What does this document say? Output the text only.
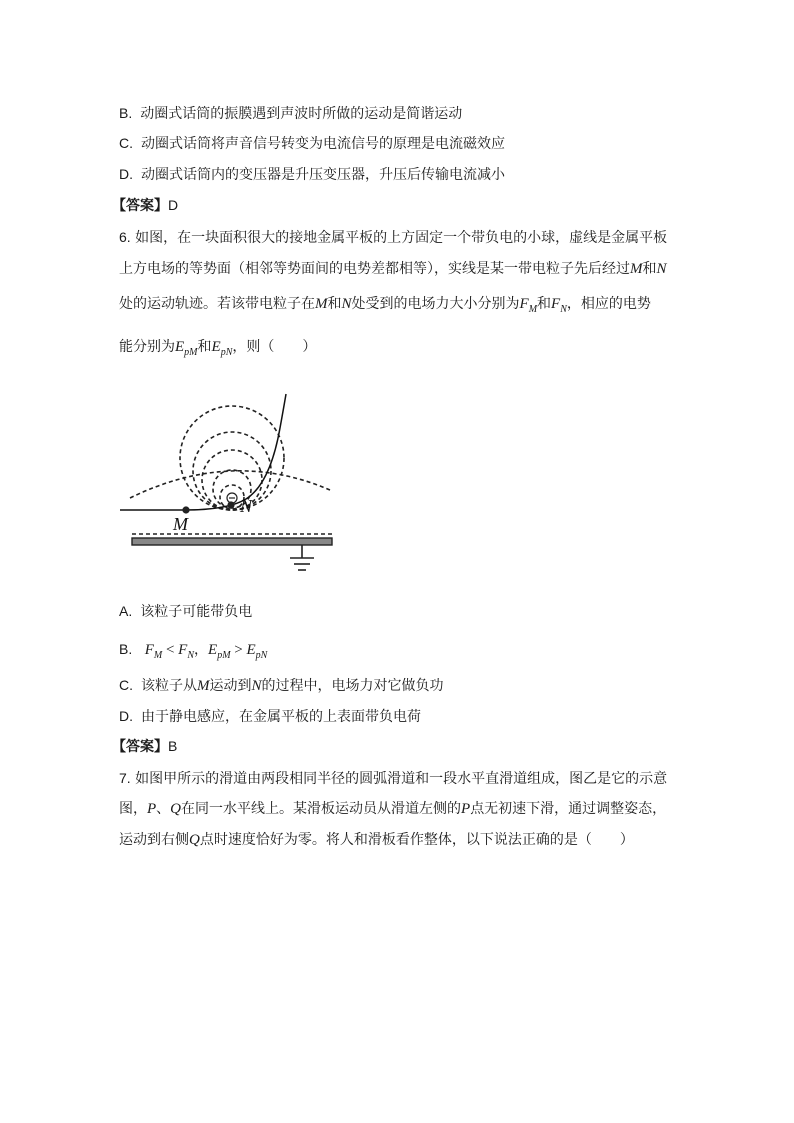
B. 动圈式话筒的振膜遇到声波时所做的运动是简谐运动
C. 动圈式话筒将声音信号转变为电流信号的原理是电流磁效应
D. 动圈式话筒内的变压器是升压变压器，升压后传输电流减小
【答案】D
6. 如图，在一块面积很大的接地金属平板的上方固定一个带负电的小球，虚线是金属平板
上方电场的等势面（相邻等势面间的电势差都相等），实线是某一带电粒子先后经过M和N
处的运动轨迹。若该带电粒子在M和N处受到的电场力大小分别为$F_M$和$F_N$，相应的电势
能分别为$E_{pM}$和$E_{pN}$，则（　　）
M
N
A. 该粒子可能带负电
B. $F_M < F_N$，$E_{pM} > E_{pN}$
C. 该粒子从M运动到N的过程中，电场力对它做负功
D. 由于静电感应，在金属平板的上表面带负电荷
【答案】B
7. 如图甲所示的滑道由两段相同半径的圆弧滑道和一段水平直滑道组成，图乙是它的示意
图，P、Q在同一水平线上。某滑板运动员从滑道左侧的P点无初速下滑，通过调整姿态，
运动到右侧Q点时速度恰好为零。将人和滑板看作整体，以下说法正确的是（　　）
